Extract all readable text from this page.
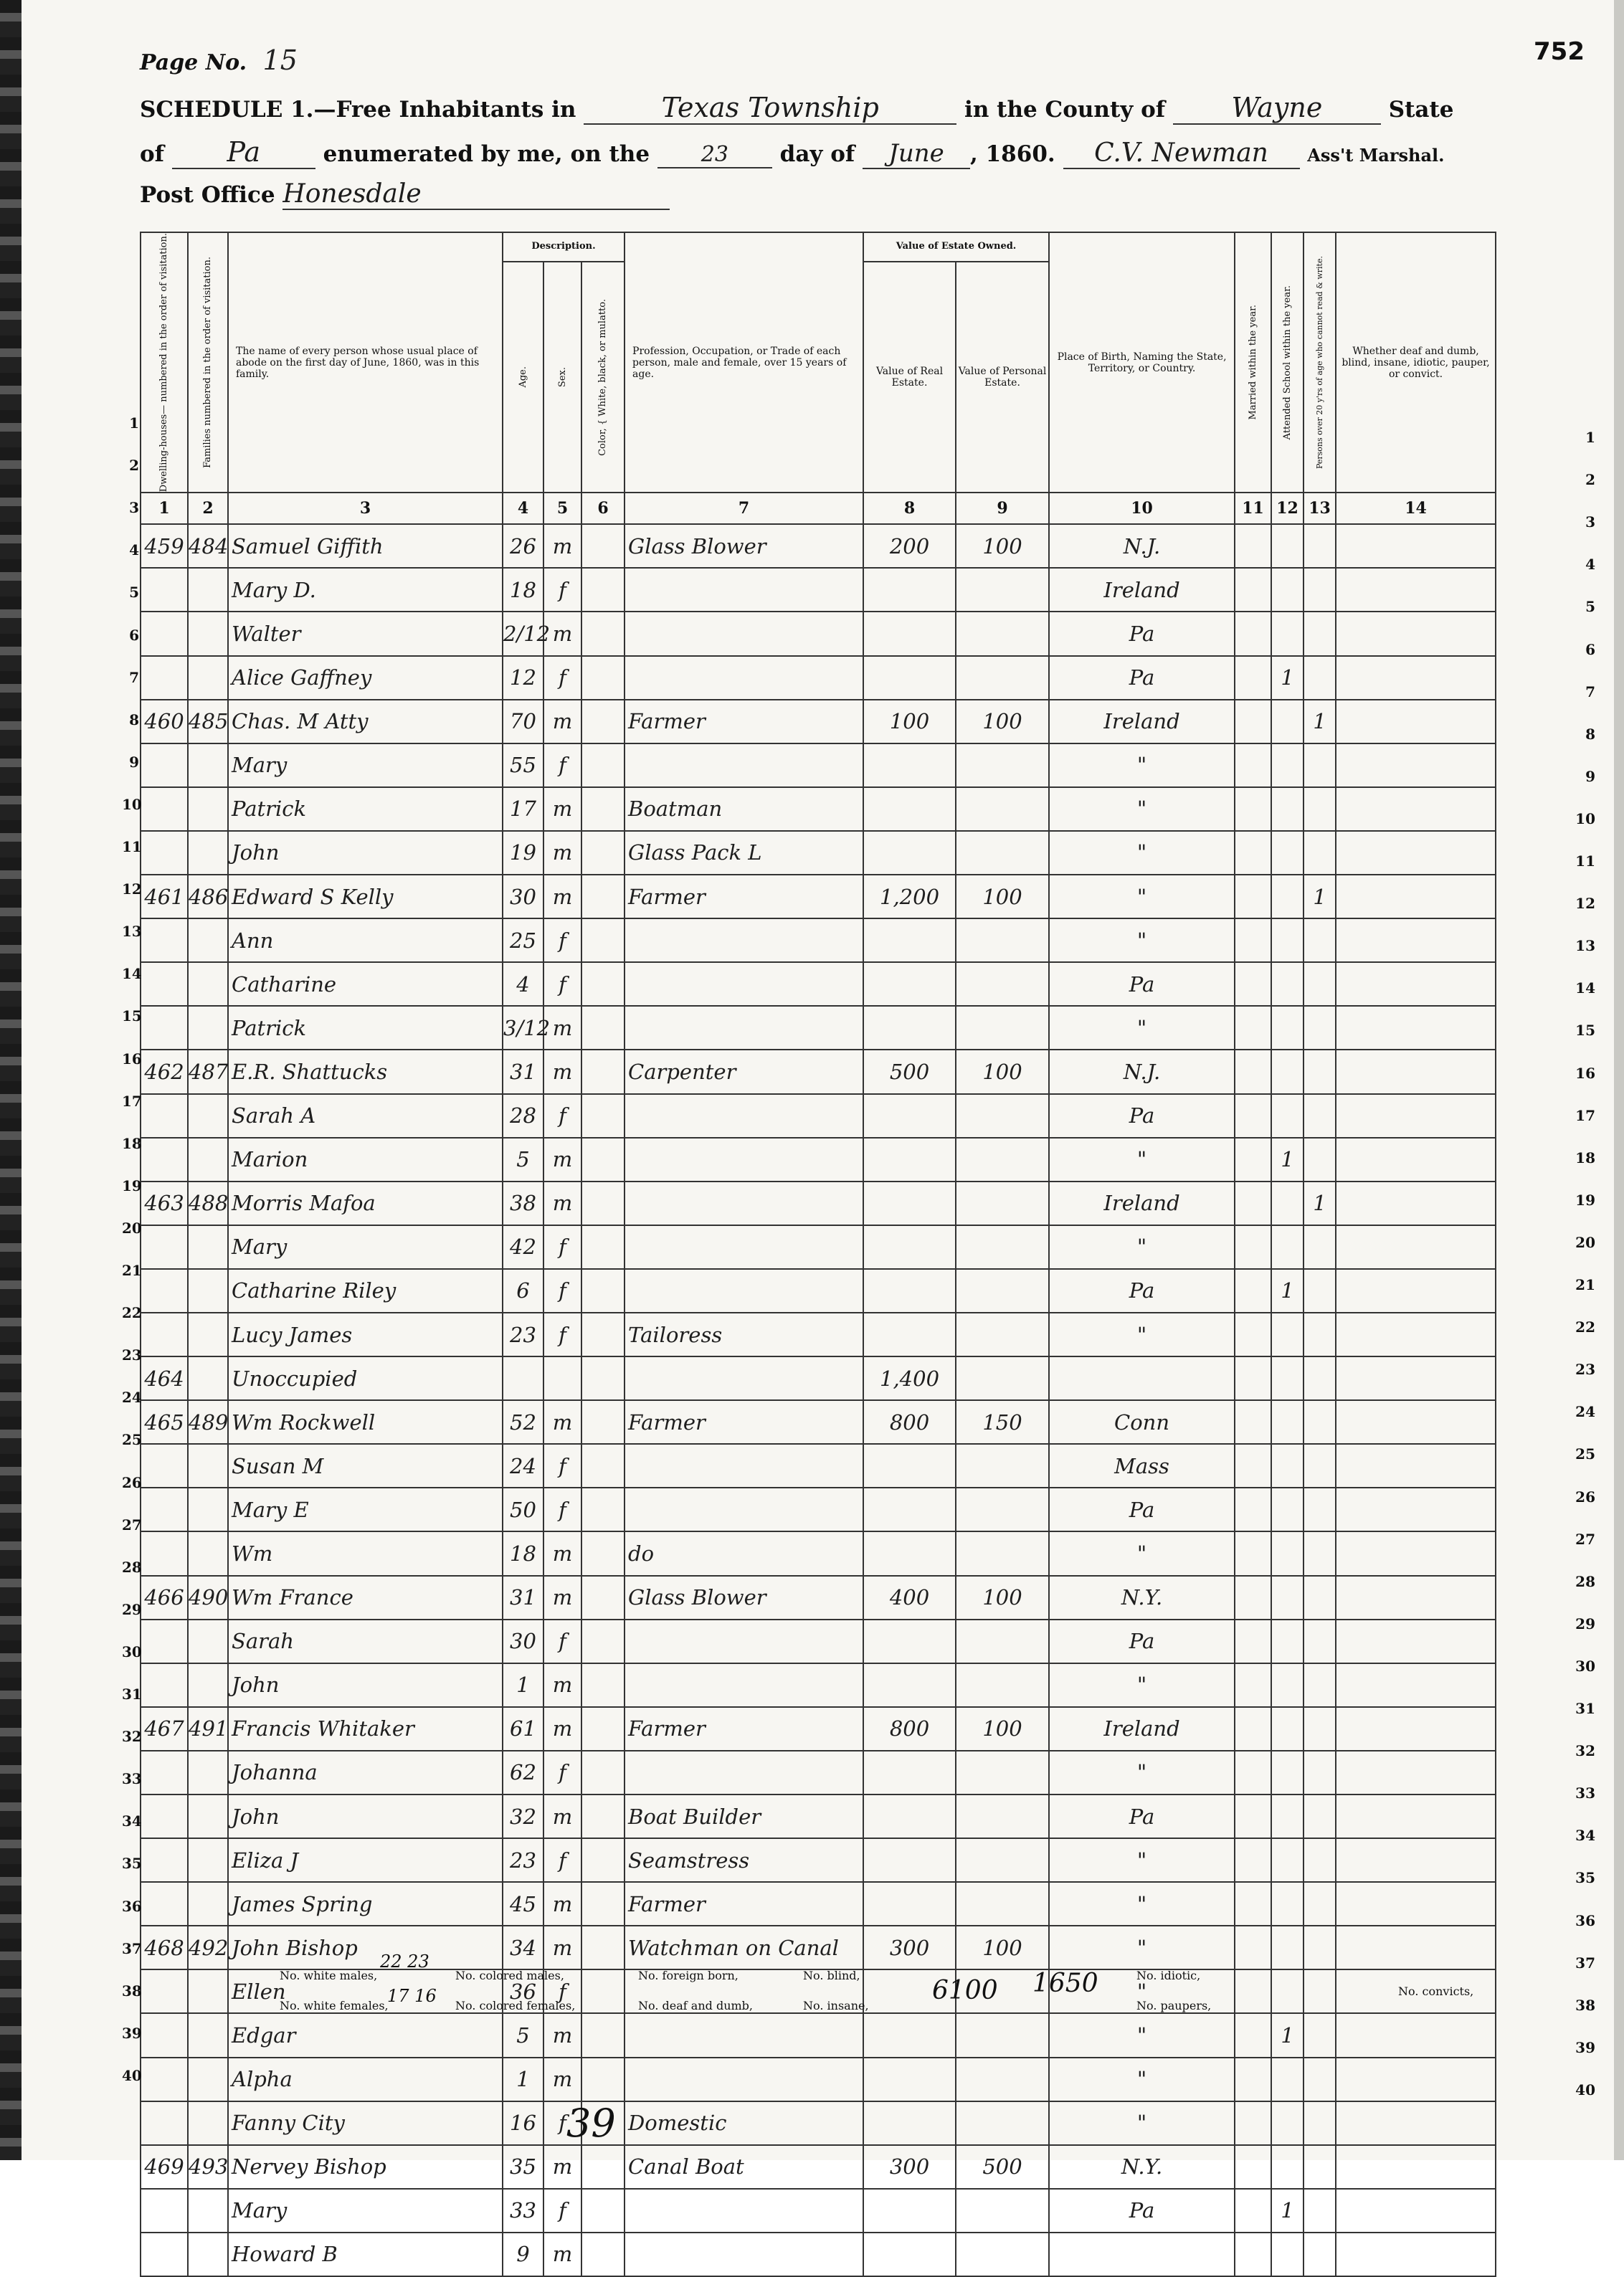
Page No. 15	752
SCHEDULE 1.—Free Inhabitants in	Texas Township	in the County of Wayne	State
of Pa	enumerated by me, on the 23 day of June , 1860. C.V. Newman Ass't Marshal.
Post Office Honesdale
Dwelling-houses— numbered in the order of visitation.	Families numbered in the order of visitation.	The name of every person whose usual place of abode on the first day of June, 1860, was in this family.	Description.			Profession, Occupation, or Trade of each person, male and female, over 15 years of age.	Value of Estate Owned.		Place of Birth, Naming the State, Territory, or Country.	Married within the year.	Attended School within the year.	Persons over 20 y'rs of age who cannot read & write.	Whether deaf and dumb, blind, insane, idiotic, pauper, or convict.

			Age.	Sex.	Color, { White, black, or mulatto.		Value of Real Estate.	Value of Personal Estate.					
1	2	3	4	5	6	7	8	9	10	11	12	13	14
459	484	Samuel Giffith	26	m		Glass Blower	200	100	N.J.				
		Mary D.	18	f					Ireland				
		Walter	2/12	m					Pa				
		Alice Gaffney	12	f					Pa		1		
460	485	Chas. M Atty	70	m		Farmer	100	100	Ireland			1	
		Mary	55	f					"				
		Patrick	17	m		Boatman			"				
		John	19	m		Glass Pack L			"				
461	486	Edward S Kelly	30	m		Farmer	1,200	100	"			1	
		Ann	25	f					"				
		Catharine	4	f					Pa				
		Patrick	3/12	m					"				
462	487	E.R. Shattucks	31	m		Carpenter	500	100	N.J.				
		Sarah A	28	f					Pa				
		Marion	5	m					"		1		
463	488	Morris Mafoa	38	m					Ireland			1	
		Mary	42	f					"				
		Catharine Riley	6	f					Pa		1		
		Lucy James	23	f		Tailoress			"				
464		Unoccupied					1,400						
465	489	Wm Rockwell	52	m		Farmer	800	150	Conn				
		Susan M	24	f					Mass				
		Mary E	50	f					Pa				
		Wm	18	m		do			"				
466	490	Wm France	31	m		Glass Blower	400	100	N.Y.				
		Sarah	30	f					Pa				
		John	1	m					"				
467	491	Francis Whitaker	61	m		Farmer	800	100	Ireland				
		Johanna	62	f					"				
		John	32	m		Boat Builder			Pa				
		Eliza J	23	f		Seamstress			"				
		James Spring	45	m		Farmer			"				
468	492	John Bishop	34	m		Watchman on Canal	300	100	"				
		Ellen	36	f					"				
		Edgar	5	m					"		1		
		Alpha	1	m					"				
		Fanny City	16	f		Domestic			"				
469	493	Nervey Bishop	35	m		Canal Boat	300	500	N.Y.				
		Mary	33	f					Pa		1		
		Howard B	9	m									
1
2
3
4
5
6
7
8
9
10
11
12
13
14
15
16
17
18
19
20
21
22
23
24
25
26
27
28
29
30
31
32
33
34
35
36
37
38
39
40
1
2
3
4
5
6
7
8
9
10
11
12
13
14
15
16
17
18
19
20
21
22
23
24
25
26
27
28
29
30
31
32
33
34
35
36
37
38
39
40
No. white males,
22 23
No. white females,
17 16
No. colored males,
No. colored females,
No. foreign born,
No. deaf and dumb,
No. blind,
No. insane,
6100 1650	No. idiotic,
No. paupers,
No. convicts,
39
